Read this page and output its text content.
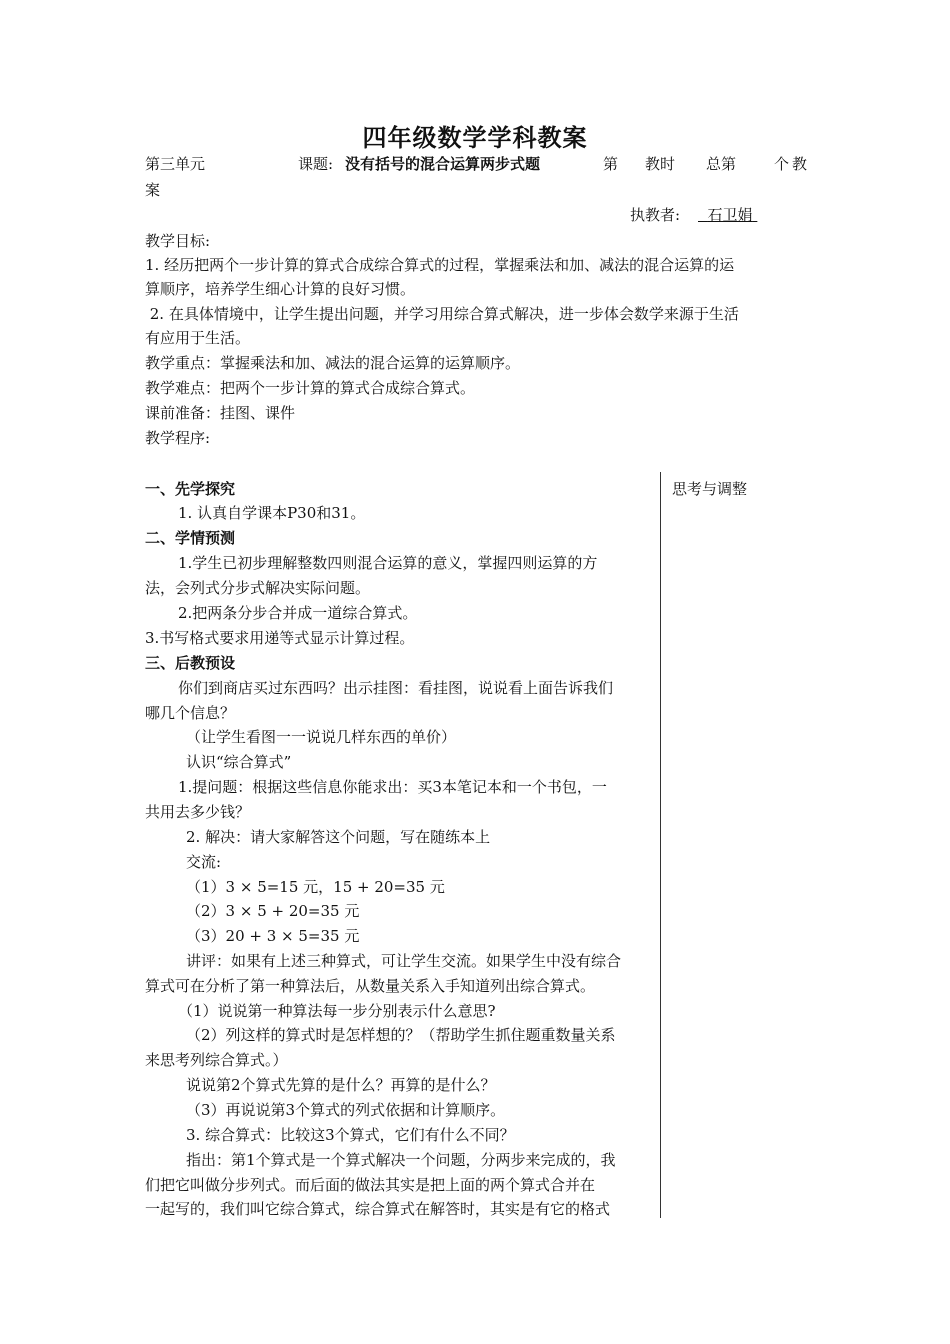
四年级数学学科教案
第三单元	课题: 没有括号的混合运算两步式题	第 教时 总第	个教
案
执教者:	石卫娟
教学目标:
1. 经历把两个一步计算的算式合成综合算式的过程，掌握乘法和加、减法的混合运算的运
算顺序，培养学生细心计算的良好习惯。
2. 在具体情境中，让学生提出问题，并学习用综合算式解决，进一步体会数学来源于生活
有应用于生活。
教学重点：掌握乘法和加、减法的混合运算的运算顺序。
教学难点：把两个一步计算的算式合成综合算式。
课前准备：挂图、课件
教学程序:
思考与调整
一、先学探究
1. 认真自学课本P30和31。
二、学情预测
1.学生已初步理解整数四则混合运算的意义，掌握四则运算的方
法，会列式分步式解决实际问题。
2.把两条分步合并成一道综合算式。
3.书写格式要求用递等式显示计算过程。
三、后教预设
你们到商店买过东西吗？出示挂图：看挂图，说说看上面告诉我们
哪几个信息？
（让学生看图一一说说几样东西的单价）
认识“综合算式”
1.提问题：根据这些信息你能求出：买3本笔记本和一个书包，一
共用去多少钱？
2. 解决：请大家解答这个问题，写在随练本上
交流:
（1）3 × 5=15 元，15 + 20=35 元
（2）3 × 5 + 20=35 元
（3）20 + 3 × 5=35 元
讲评：如果有上述三种算式，可让学生交流。如果学生中没有综合
算式可在分析了第一种算法后，从数量关系入手知道列出综合算式。
（1）说说第一种算法每一步分别表示什么意思?
（2）列这样的算式时是怎样想的？（帮助学生抓住题重数量关系
来思考列综合算式。）
说说第2个算式先算的是什么？再算的是什么？
（3）再说说第3个算式的列式依据和计算顺序。
3. 综合算式：比较这3个算式，它们有什么不同？
指出：第1个算式是一个算式解决一个问题，分两步来完成的，我
们把它叫做分步列式。而后面的做法其实是把上面的两个算式合并在
一起写的，我们叫它综合算式，综合算式在解答时，其实是有它的格式
